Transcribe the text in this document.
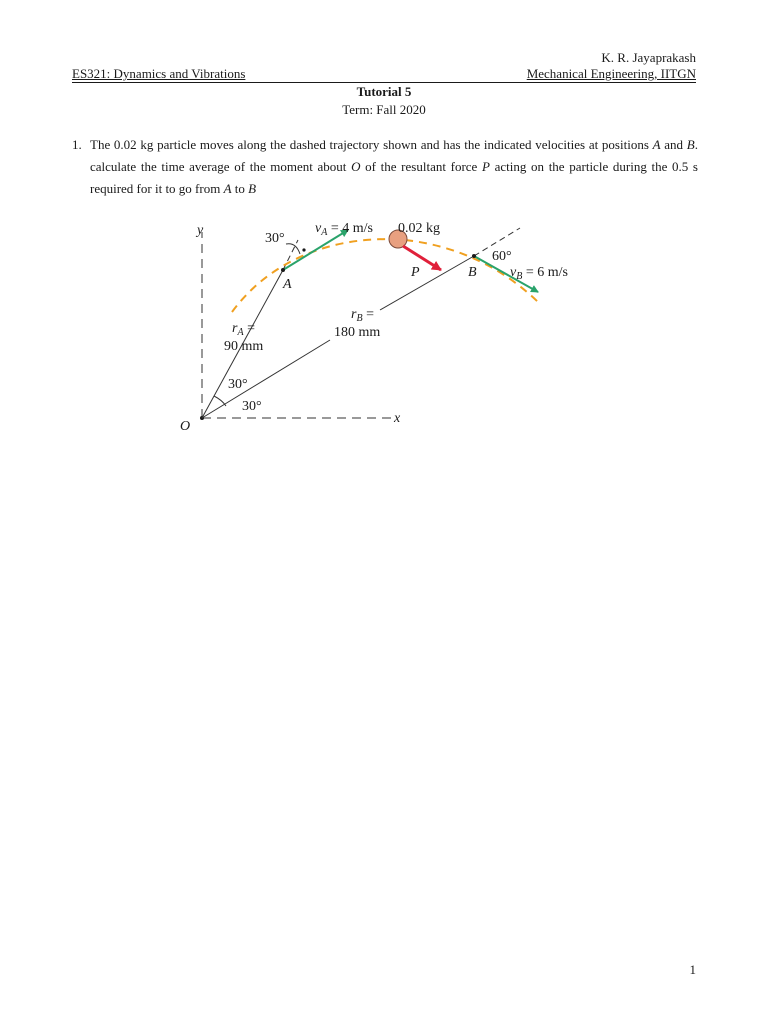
K. R. Jayaprakash
ES321: Dynamics and Vibrations	Mechanical Engineering, IITGN
Tutorial 5
Term: Fall 2020
1. The 0.02 kg particle moves along the dashed trajectory shown and has the indicated velocities at positions A and B. calculate the time average of the moment about O of the resultant force P acting on the particle during the 0.5 s required for it to go from A to B
y
x
O
30°
$v_A = 4$ m/s 0.02 kg
P	B
60°
$v_B = 6$ m/s
A
$r_B$ =
180 mm
$r_A$ =
90 mm
30°
30°
1
